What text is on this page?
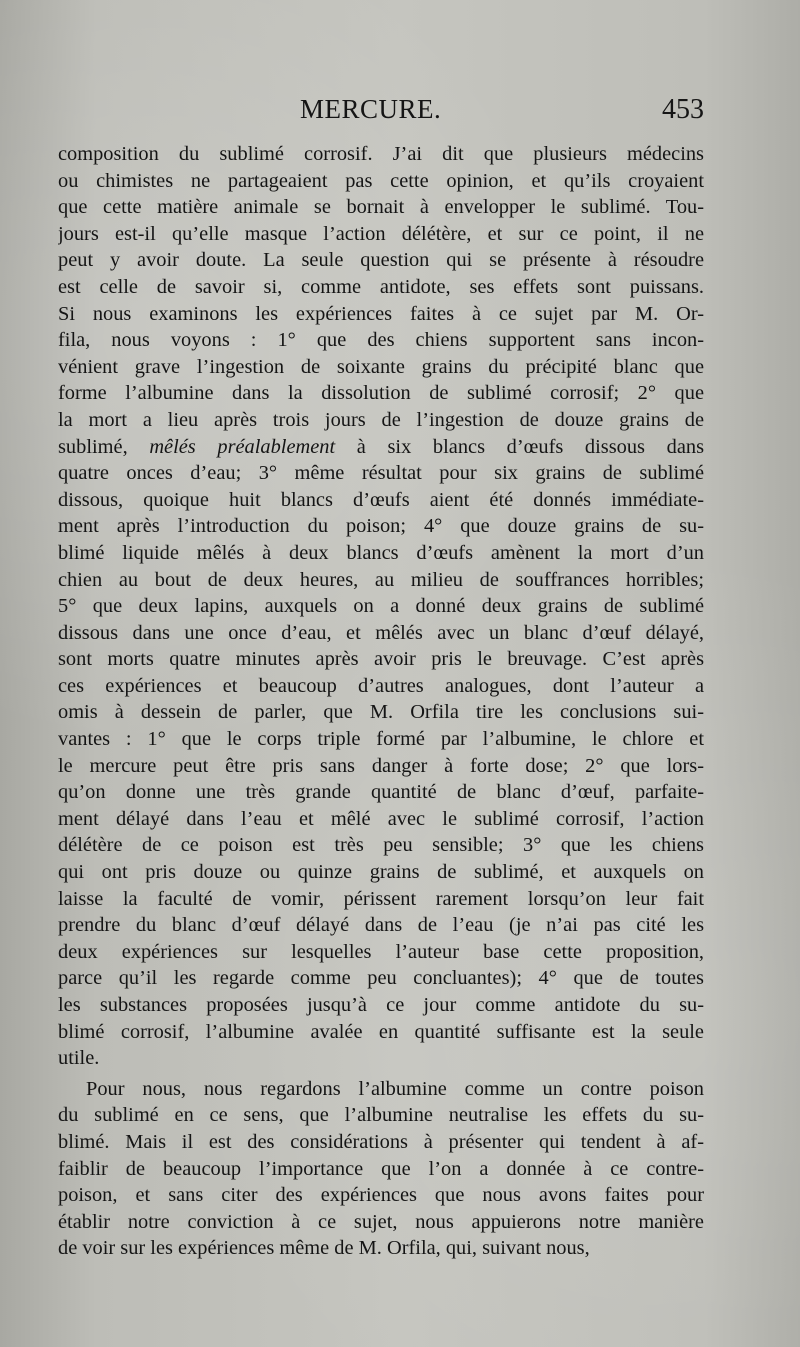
MERCURE.	453
composition du sublimé corrosif. J’ai dit que plusieurs médecins
ou chimistes ne partageaient pas cette opinion, et qu’ils croyaient
que cette matière animale se bornait à envelopper le sublimé. Tou-
jours est-il qu’elle masque l’action délétère, et sur ce point, il ne
peut y avoir doute. La seule question qui se présente à résoudre
est celle de savoir si, comme antidote, ses effets sont puissans.
Si nous examinons les expériences faites à ce sujet par M. Or-
fila, nous voyons : 1° que des chiens supportent sans incon-
vénient grave l’ingestion de soixante grains du précipité blanc que
forme l’albumine dans la dissolution de sublimé corrosif; 2° que
la mort a lieu après trois jours de l’ingestion de douze grains de
sublimé, mêlés préalablement à six blancs d’œufs dissous dans
quatre onces d’eau; 3° même résultat pour six grains de sublimé
dissous, quoique huit blancs d’œufs aient été donnés immédiate-
ment après l’introduction du poison; 4° que douze grains de su-
blimé liquide mêlés à deux blancs d’œufs amènent la mort d’un
chien au bout de deux heures, au milieu de souffrances horribles;
5° que deux lapins, auxquels on a donné deux grains de sublimé
dissous dans une once d’eau, et mêlés avec un blanc d’œuf délayé,
sont morts quatre minutes après avoir pris le breuvage. C’est après
ces expériences et beaucoup d’autres analogues, dont l’auteur a
omis à dessein de parler, que M. Orfila tire les conclusions sui-
vantes : 1° que le corps triple formé par l’albumine, le chlore et
le mercure peut être pris sans danger à forte dose; 2° que lors-
qu’on donne une très grande quantité de blanc d’œuf, parfaite-
ment délayé dans l’eau et mêlé avec le sublimé corrosif, l’action
délétère de ce poison est très peu sensible; 3° que les chiens
qui ont pris douze ou quinze grains de sublimé, et auxquels on
laisse la faculté de vomir, périssent rarement lorsqu’on leur fait
prendre du blanc d’œuf délayé dans de l’eau (je n’ai pas cité les
deux expériences sur lesquelles l’auteur base cette proposition,
parce qu’il les regarde comme peu concluantes); 4° que de toutes
les substances proposées jusqu’à ce jour comme antidote du su-
blimé corrosif, l’albumine avalée en quantité suffisante est la seule
utile.
Pour nous, nous regardons l’albumine comme un contre poison
du sublimé en ce sens, que l’albumine neutralise les effets du su-
blimé. Mais il est des considérations à présenter qui tendent à af-
faiblir de beaucoup l’importance que l’on a donnée à ce contre-
poison, et sans citer des expériences que nous avons faites pour
établir notre conviction à ce sujet, nous appuierons notre manière
de voir sur les expériences même de M. Orfila, qui, suivant nous,
